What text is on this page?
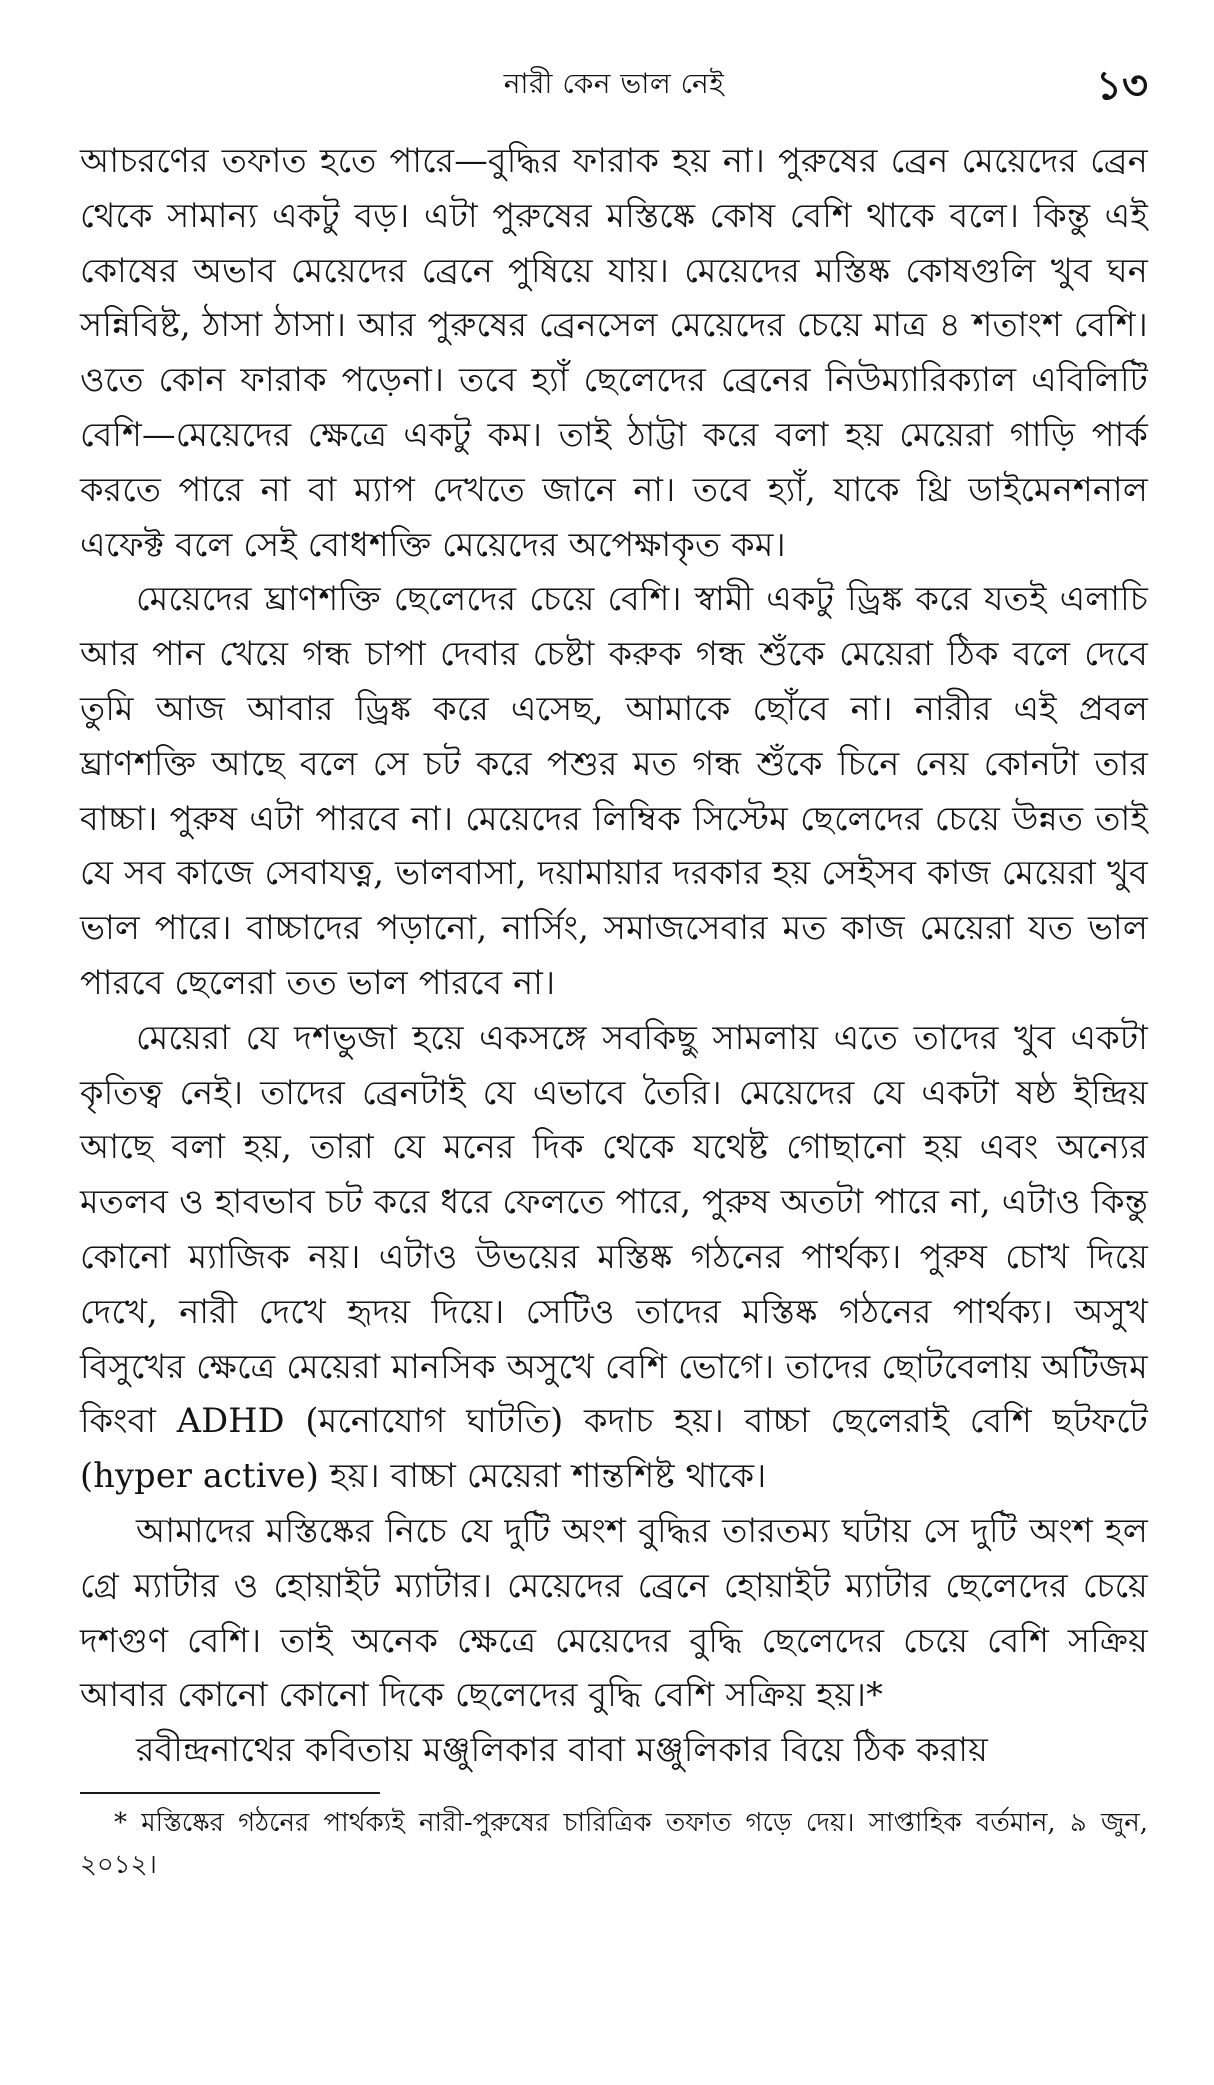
নারী কেন ভাল নেই	১৩

আচরণের তফাত হতে পারে—বুদ্ধির ফারাক হয় না। পুরুষের ব্রেন মেয়েদের ব্রেন থেকে সামান্য একটু বড়। এটা পুরুষের মস্তিষ্কে কোষ বেশি থাকে বলে। কিন্তু এই কোষের অভাব মেয়েদের ব্রেনে পুষিয়ে যায়। মেয়েদের মস্তিষ্ক কোষগুলি খুব ঘন সন্নিবিষ্ট, ঠাসা ঠাসা। আর পুরুষের ব্রেনসেল মেয়েদের চেয়ে মাত্র ৪ শতাংশ বেশি। ওতে কোন ফারাক পড়েনা। তবে হ্যাঁ ছেলেদের ব্রেনের নিউম্যারিক্যাল এবিলিটি বেশি—মেয়েদের ক্ষেত্রে একটু কম। তাই ঠাট্টা করে বলা হয় মেয়েরা গাড়ি পার্ক করতে পারে না বা ম্যাপ দেখতে জানে না। তবে হ্যাঁ, যাকে থ্রি ডাইমেনশনাল এফেক্ট বলে সেই বোধশক্তি মেয়েদের অপেক্ষাকৃত কম।

মেয়েদের ঘ্রাণশক্তি ছেলেদের চেয়ে বেশি। স্বামী একটু ড্রিঙ্ক করে যতই এলাচি আর পান খেয়ে গন্ধ চাপা দেবার চেষ্টা করুক গন্ধ শুঁকে মেয়েরা ঠিক বলে দেবে তুমি আজ আবার ড্রিঙ্ক করে এসেছ, আমাকে ছোঁবে না। নারীর এই প্রবল ঘ্রাণশক্তি আছে বলে সে চট করে পশুর মত গন্ধ শুঁকে চিনে নেয় কোনটা তার বাচ্চা। পুরুষ এটা পারবে না। মেয়েদের লিম্বিক সিস্টেম ছেলেদের চেয়ে উন্নত তাই যে সব কাজে সেবাযত্ন, ভালবাসা, দয়ামায়ার দরকার হয় সেইসব কাজ মেয়েরা খুব ভাল পারে। বাচ্চাদের পড়ানো, নার্সিং, সমাজসেবার মত কাজ মেয়েরা যত ভাল পারবে ছেলেরা তত ভাল পারবে না।

মেয়েরা যে দশভুজা হয়ে একসঙ্গে সবকিছু সামলায় এতে তাদের খুব একটা কৃতিত্ব নেই। তাদের ব্রেনটাই যে এভাবে তৈরি। মেয়েদের যে একটা ষষ্ঠ ইন্দ্রিয় আছে বলা হয়, তারা যে মনের দিক থেকে যথেষ্ট গোছানো হয় এবং অন্যের মতলব ও হাবভাব চট করে ধরে ফেলতে পারে, পুরুষ অতটা পারে না, এটাও কিন্তু কোনো ম্যাজিক নয়। এটাও উভয়ের মস্তিষ্ক গঠনের পার্থক্য। পুরুষ চোখ দিয়ে দেখে, নারী দেখে হৃদয় দিয়ে। সেটিও তাদের মস্তিষ্ক গঠনের পার্থক্য। অসুখ বিসুখের ক্ষেত্রে মেয়েরা মানসিক অসুখে বেশি ভোগে। তাদের ছোটবেলায় অটিজম কিংবা ADHD (মনোযোগ ঘাটতি) কদাচ হয়। বাচ্চা ছেলেরাই বেশি ছটফটে (hyper active) হয়। বাচ্চা মেয়েরা শান্তশিষ্ট থাকে।

আমাদের মস্তিষ্কের নিচে যে দুটি অংশ বুদ্ধির তারতম্য ঘটায় সে দুটি অংশ হল গ্রে ম্যাটার ও হোয়াইট ম্যাটার। মেয়েদের ব্রেনে হোয়াইট ম্যাটার ছেলেদের চেয়ে দশগুণ বেশি। তাই অনেক ক্ষেত্রে মেয়েদের বুদ্ধি ছেলেদের চেয়ে বেশি সক্রিয় আবার কোনো কোনো দিকে ছেলেদের বুদ্ধি বেশি সক্রিয় হয়।*

রবীন্দ্রনাথের কবিতায় মঞ্জুলিকার বাবা মঞ্জুলিকার বিয়ে ঠিক করায়

* মস্তিষ্কের গঠনের পার্থক্যই নারী-পুরুষের চারিত্রিক তফাত গড়ে দেয়। সাপ্তাহিক বর্তমান, ৯ জুন, ২০১২।
